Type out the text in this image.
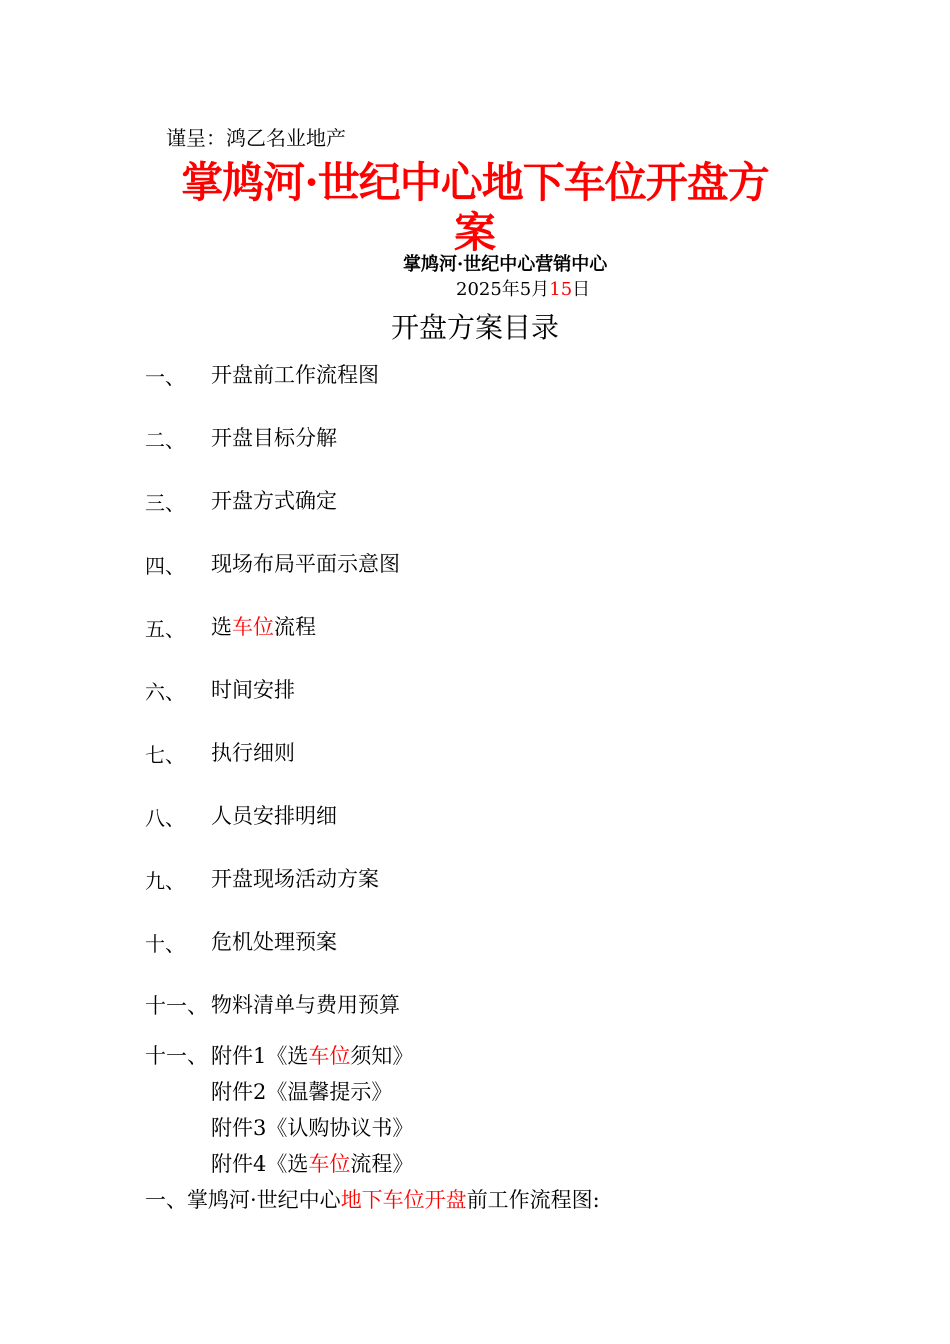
谨呈：鸿乙名业地产
掌鸠河·世纪中心地下车位开盘方
案
掌鸠河·世纪中心营销中心
2025年5月15日
开盘方案目录
一、 开盘前工作流程图
二、 开盘目标分解
三、 开盘方式确定
四、 现场布局平面示意图
五、 选车位流程
六、 时间安排
七、 执行细则
八、 人员安排明细
九、 开盘现场活动方案
十、 危机处理预案
十一、 物料清单与费用预算
十一、 附件1《选车位须知》
附件2《温馨提示》
附件3《认购协议书》
附件4《选车位流程》
一、掌鸠河·世纪中心地下车位开盘前工作流程图:
